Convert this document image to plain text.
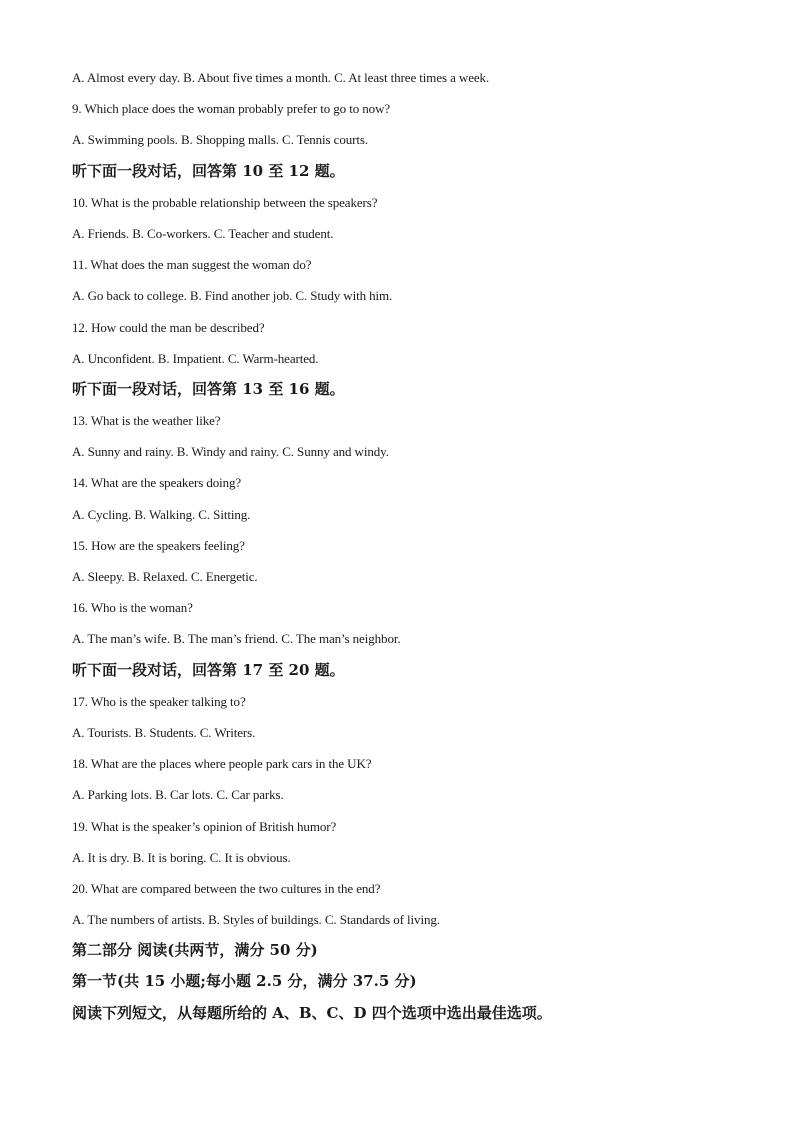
A. Almost every day. B. About five times a month. C. At least three times a week.
9. Which place does the woman probably prefer to go to now?
A. Swimming pools. B. Shopping malls. C. Tennis courts.
听下面一段对话，回答第 10 至 12 题。
10. What is the probable relationship between the speakers?
A. Friends. B. Co-workers. C. Teacher and student.
11. What does the man suggest the woman do?
A. Go back to college. B. Find another job. C. Study with him.
12. How could the man be described?
A. Unconfident. B. Impatient. C. Warm-hearted.
听下面一段对话，回答第 13 至 16 题。
13. What is the weather like?
A. Sunny and rainy. B. Windy and rainy. C. Sunny and windy.
14. What are the speakers doing?
A. Cycling. B. Walking. C. Sitting.
15. How are the speakers feeling?
A. Sleepy. B. Relaxed. C. Energetic.
16. Who is the woman?
A. The man’s wife. B. The man’s friend. C. The man’s neighbor.
听下面一段对话，回答第 17 至 20 题。
17. Who is the speaker talking to?
A. Tourists. B. Students. C. Writers.
18. What are the places where people park cars in the UK?
A. Parking lots. B. Car lots. C. Car parks.
19. What is the speaker’s opinion of British humor?
A. It is dry. B. It is boring. C. It is obvious.
20. What are compared between the two cultures in the end?
A. The numbers of artists. B. Styles of buildings. C. Standards of living.
第二部分 阅读(共两节，满分 50 分)
第一节(共 15 小题;每小题 2.5 分，满分 37.5 分)
阅读下列短文，从每题所给的 A、B、C、D 四个选项中选出最佳选项。
